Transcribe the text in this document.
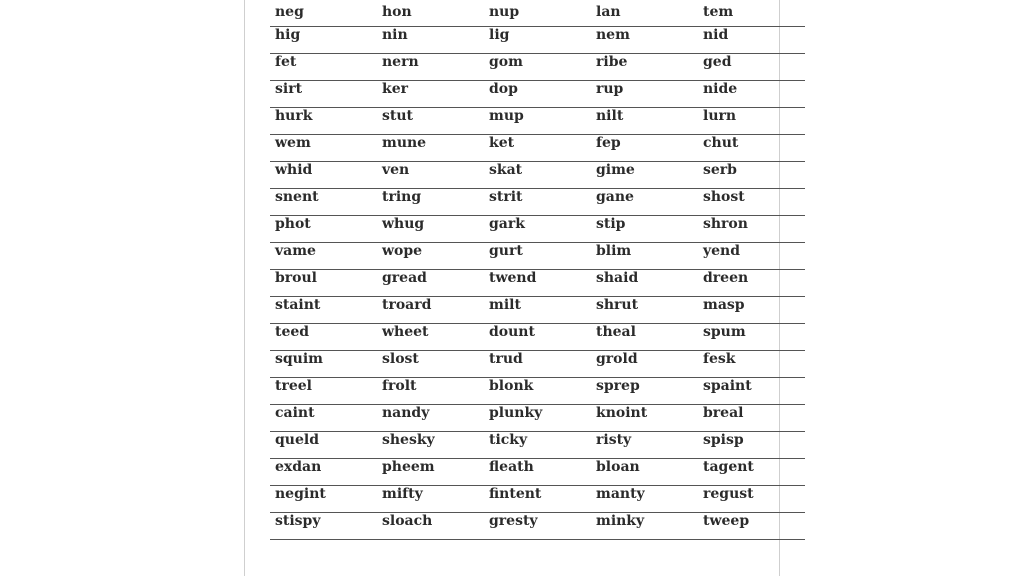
neg	hon	nup	lan	tem
hig	nin	lig	nem	nid
fet	nern	gom	ribe	ged
sirt	ker	dop	rup	nide
hurk	stut	mup	nilt	lurn
wem	mune	ket	fep	chut
whid	ven	skat	gime	serb
snent	tring	strit	gane	shost
phot	whug	gark	stip	shron
vame	wope	gurt	blim	yend
broul	gread	twend	shaid	dreen
staint	troard	milt	shrut	masp
teed	wheet	dount	theal	spum
squim	slost	trud	grold	fesk
treel	frolt	blonk	sprep	spaint
caint	nandy	plunky	knoint	breal
queld	shesky	ticky	risty	spisp
exdan	pheem	fleath	bloan	tagent
negint	mifty	fintent	manty	regust
stispy	sloach	gresty	minky	tweep
